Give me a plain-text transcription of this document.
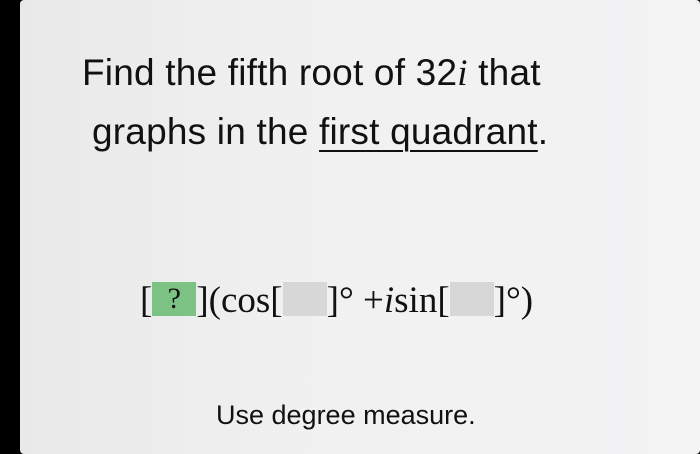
Find the fifth root of 32i that
graphs in the first quadrant.
[ ? ](cos[ ]° +isin[ ]°)
Use degree measure.
